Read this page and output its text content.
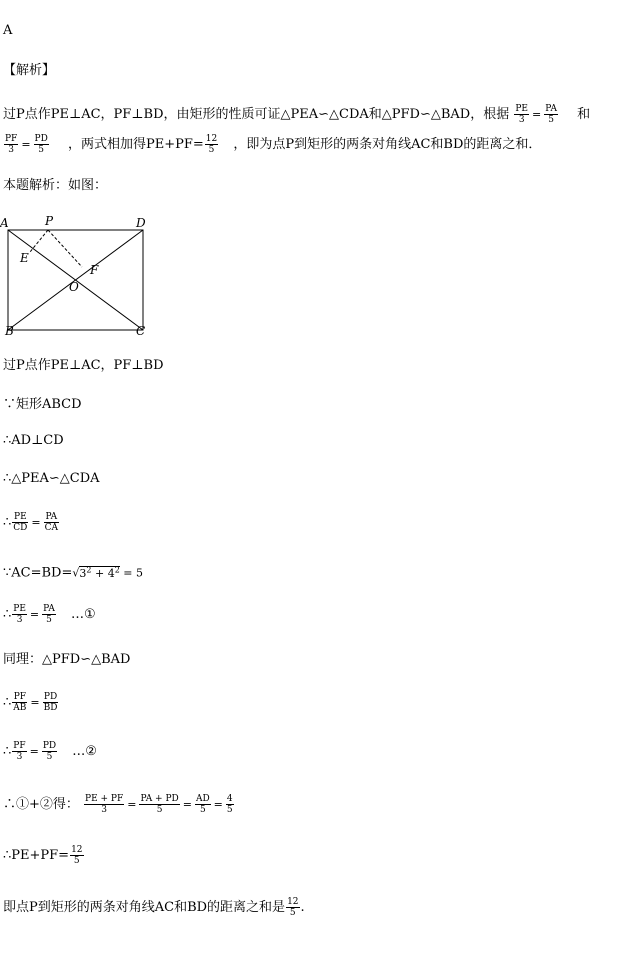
A
【解析】
过P点作PE⊥AC，PF⊥BD，由矩形的性质可证△PEA∽△CDA和△PFD∽△BAD，根据 $\frac{PE}{3} = \frac{PA}{5}$ 和
$\frac{PF}{3} = \frac{PD}{5}$ ，两式相加得$PE+PF= \frac{12}{5}$ ，即为点P到矩形的两条对角线AC和BD的距离之和．
本题解析：如图：
A	P	D
E
F
O
B	C
过P点作PE⊥AC，PF⊥BD
∵矩形ABCD
∴AD⊥CD
∴△PEA∽△CDA
∴ $\frac{PE}{CD} = \frac{PA}{CA}$
$\because AC=BD=√3^2 + 4^2 = 5$
∴ $\frac{PE}{3} = \frac{PA}{5}$ …①
同理：△PFD∽△BAD
∴ $\frac{PF}{AB} = \frac{PD}{BD}$
∴ $\frac{PF}{3} = \frac{PD}{5}$ …②
∴①+②得： $\frac{PE + PF}{3} = \frac{PA + PD}{5} = \frac{AD}{5} = \frac{4}{5}$
∴PE+PF= $\frac{12}{5}$
即点P到矩形的两条对角线AC和BD的距离之和是 $\frac{12}{5}$ .
